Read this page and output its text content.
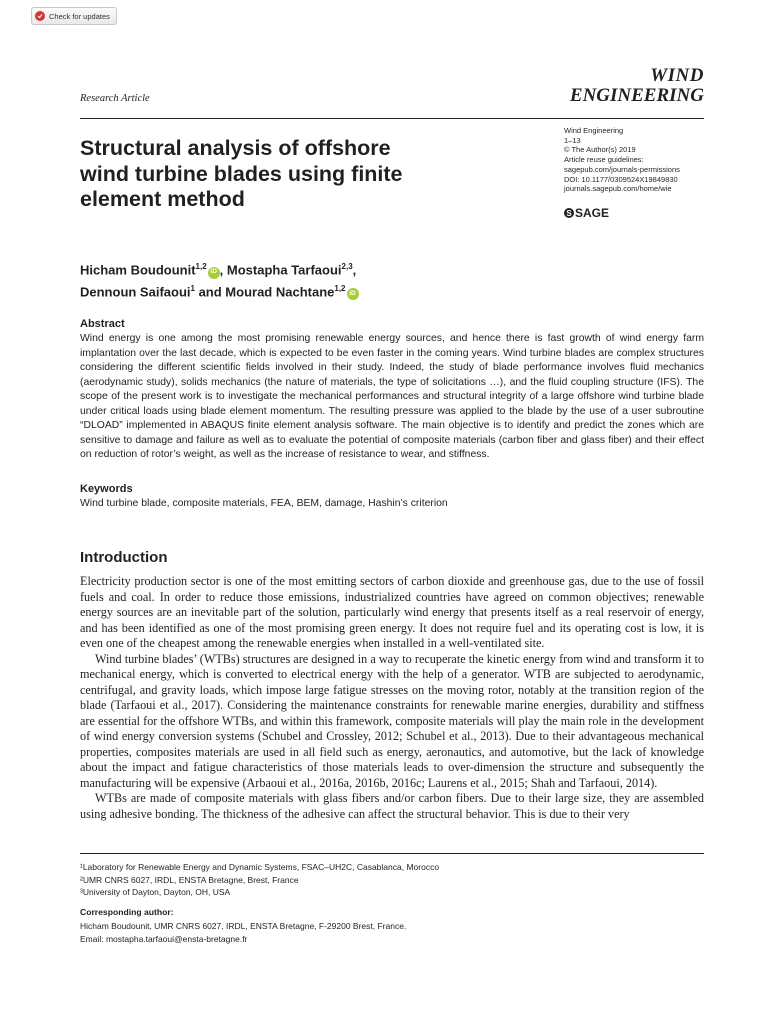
Check for updates
Research Article
WIND
ENGINEERING
Wind Engineering
1–13
© The Author(s) 2019
Article reuse guidelines:
sagepub.com/journals-permissions
DOI: 10.1177/0309524X19849830
journals.sagepub.com/home/wie
S SAGE
Structural analysis of offshore wind turbine blades using finite element method
Hicham Boudounit$^{1,2}$iD , Mostapha Tarfaoui$^{2,3}$,
Dennoun Saifaoui$^1$ and Mourad Nachtane$^{1,2}$iD
Abstract
Wind energy is one among the most promising renewable energy sources, and hence there is fast growth of wind energy farm implantation over the last decade, which is expected to be even faster in the coming years. Wind turbine blades are complex structures considering the different scientific fields involved in their study. Indeed, the study of blade performance involves fluid mechanics (aerodynamic study), solids mechanics (the nature of materials, the type of solicitations …), and the fluid coupling structure (IFS). The scope of the present work is to investigate the mechanical performances and structural integrity of a large offshore wind turbine blade under critical loads using blade element momentum. The resulting pressure was applied to the blade by the use of a user subroutine “DLOAD” implemented in ABAQUS finite element analysis software. The main objective is to identify and predict the zones which are sensitive to damage and failure as well as to evaluate the potential of composite materials (carbon fiber and glass fiber) and their effect on reduction of rotor’s weight, as well as the increase of resistance to wear, and stiffness.
Keywords
Wind turbine blade, composite materials, FEA, BEM, damage, Hashin’s criterion
Introduction

Electricity production sector is one of the most emitting sectors of carbon dioxide and greenhouse gas, due to the use of fossil fuels and coal. In order to reduce those emissions, industrialized countries have agreed on common objectives; renewable energy sources are an inevitable part of the solution, particularly wind energy that presents itself as a real reservoir of energy, and has been identified as one of the most promising green energy. It does not require fuel and its operating cost is low, it is even one of the cheapest among the renewable energies when installed in a well-ventilated site.

Wind turbine blades’ (WTBs) structures are designed in a way to recuperate the kinetic energy from wind and transform it to mechanical energy, which is converted to electrical energy with the help of a generator. WTB are subjected to aerodynamic, centrifugal, and gravity loads, which impose large fatigue stresses on the moving rotor, notably at the transition region of the blade (Tarfaoui et al., 2017). Considering the maintenance constraints for renewable marine energies, durability and stiffness are essential for the offshore WTBs, and within this framework, composite materials will play the main role in the development of wind energy conversion systems (Schubel and Crossley, 2012; Schubel et al., 2013). Due to their advantageous mechanical properties, composites materials are used in all field such as energy, aeronautics, and automotive, but the lack of knowledge about the impact and fatigue characteristics of those materials leads to over-dimension the structure and subsequently the manufacturing will be expensive (Arbaoui et al., 2016a, 2016b, 2016c; Laurens et al., 2015; Shah and Tarfaoui, 2014).

WTBs are made of composite materials with glass fibers and/or carbon fibers. Due to their large size, they are assembled using adhesive bonding. The thickness of the adhesive can affect the structural behavior. This is due to their very

¹Laboratory for Renewable Energy and Dynamic Systems, FSAC–UH2C, Casablanca, Morocco
²UMR CNRS 6027, IRDL, ENSTA Bretagne, Brest, France
³University of Dayton, Dayton, OH, USA
Corresponding author:
Hicham Boudounit, UMR CNRS 6027, IRDL, ENSTA Bretagne, F-29200 Brest, France.
Email: mostapha.tarfaoui@ensta-bretagne.fr
